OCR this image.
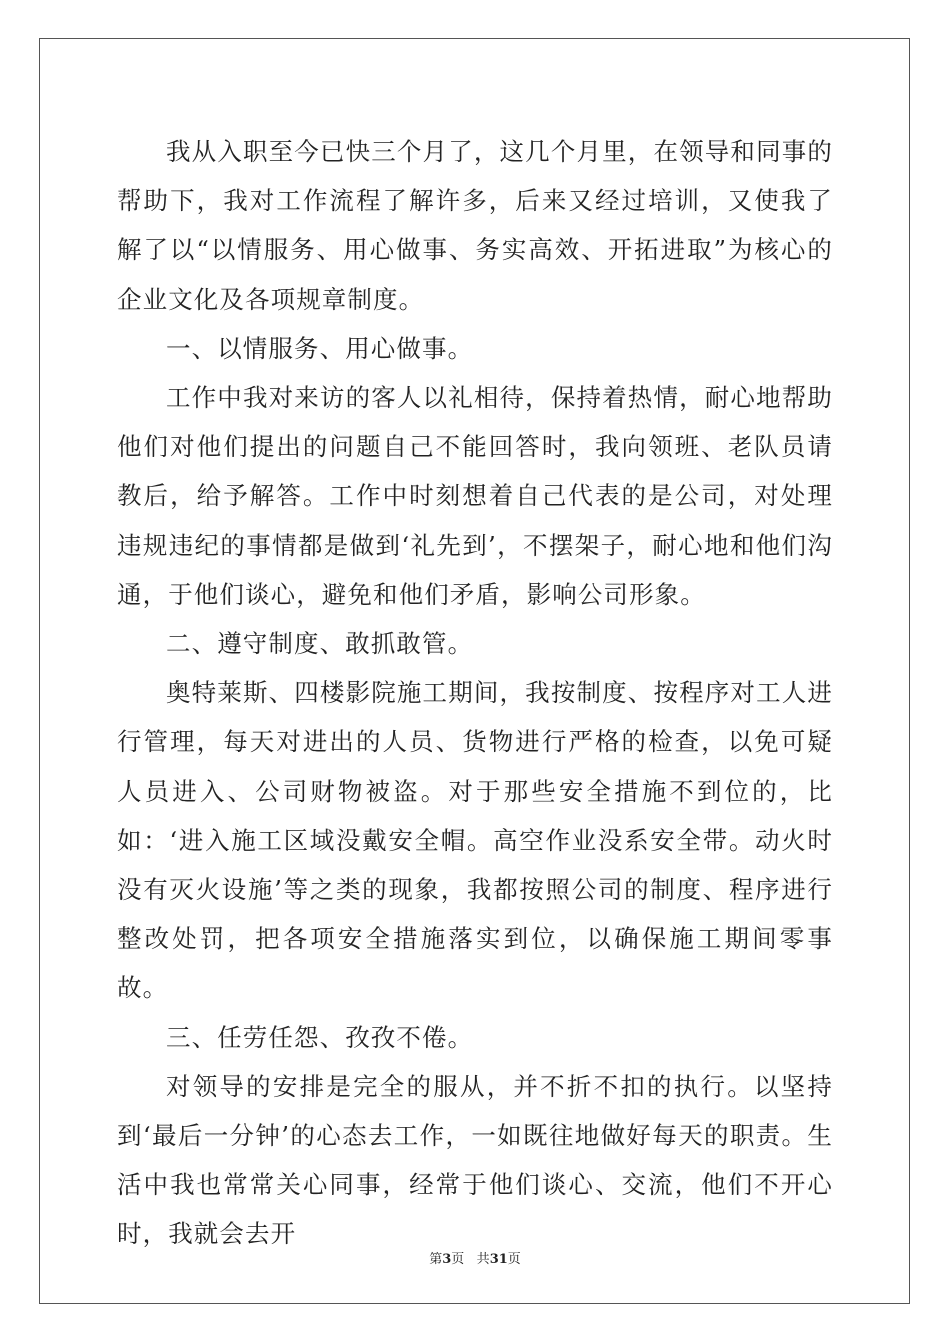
我从入职至今已快三个月了，这几个月里，在领导和同事的帮助下，我对工作流程了解许多，后来又经过培训，又使我了解了以“以情服务、用心做事、务实高效、开拓进取”为核心的企业文化及各项规章制度。

一、以情服务、用心做事。

工作中我对来访的客人以礼相待，保持着热情，耐心地帮助他们对他们提出的问题自己不能回答时，我向领班、老队员请教后，给予解答。工作中时刻想着自己代表的是公司，对处理违规违纪的事情都是做到‘礼先到’，不摆架子，耐心地和他们沟通，于他们谈心，避免和他们矛盾，影响公司形象。

二、遵守制度、敢抓敢管。

奥特莱斯、四楼影院施工期间，我按制度、按程序对工人进行管理，每天对进出的人员、货物进行严格的检查，以免可疑人员进入、公司财物被盗。对于那些安全措施不到位的，比如：‘进入施工区域没戴安全帽。高空作业没系安全带。动火时没有灭火设施’等之类的现象，我都按照公司的制度、程序进行整改处罚，把各项安全措施落实到位，以确保施工期间零事故。

三、任劳任怨、孜孜不倦。

对领导的安排是完全的服从，并不折不扣的执行。以坚持到‘最后一分钟’的心态去工作，一如既往地做好每天的职责。生活中我也常常关心同事，经常于他们谈心、交流，他们不开心时，我就会去开

第3页 共31页
